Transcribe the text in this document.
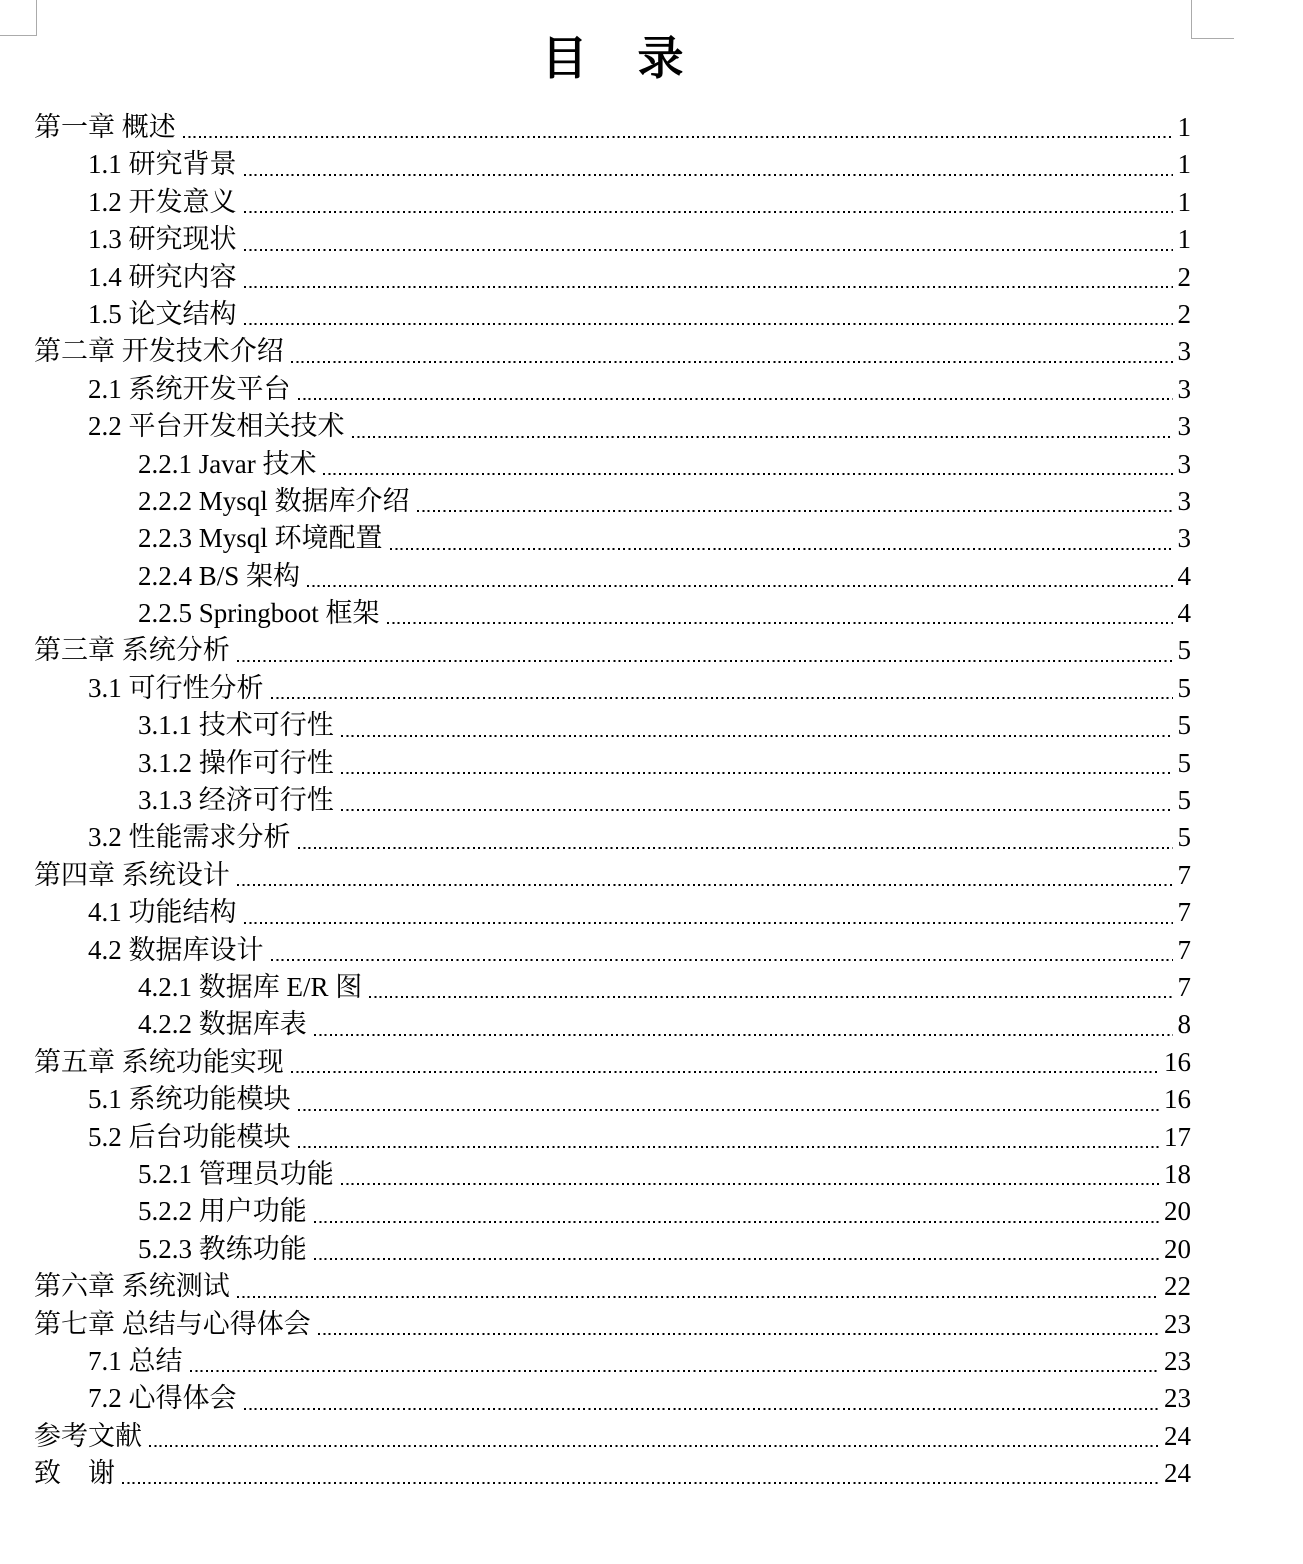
目　录
第一章 概述	1
1.1 研究背景	1
1.2 开发意义	1
1.3 研究现状	1
1.4 研究内容	2
1.5 论文结构	2
第二章 开发技术介绍	3
2.1 系统开发平台	3
2.2 平台开发相关技术	3
2.2.1 Javar 技术	3
2.2.2 Mysql 数据库介绍	3
2.2.3 Mysql 环境配置	3
2.2.4 B/S 架构	4
2.2.5 Springboot 框架	4
第三章 系统分析	5
3.1 可行性分析	5
3.1.1 技术可行性	5
3.1.2 操作可行性	5
3.1.3 经济可行性	5
3.2 性能需求分析	5
第四章 系统设计	7
4.1 功能结构	7
4.2 数据库设计	7
4.2.1 数据库 E/R 图	7
4.2.2 数据库表	8
第五章 系统功能实现	16
5.1 系统功能模块	16
5.2 后台功能模块	17
5.2.1 管理员功能	18
5.2.2 用户功能	20
5.2.3 教练功能	20
第六章 系统测试	22
第七章 总结与心得体会	23
7.1 总结	23
7.2 心得体会	23
参考文献	24
致　谢	24
